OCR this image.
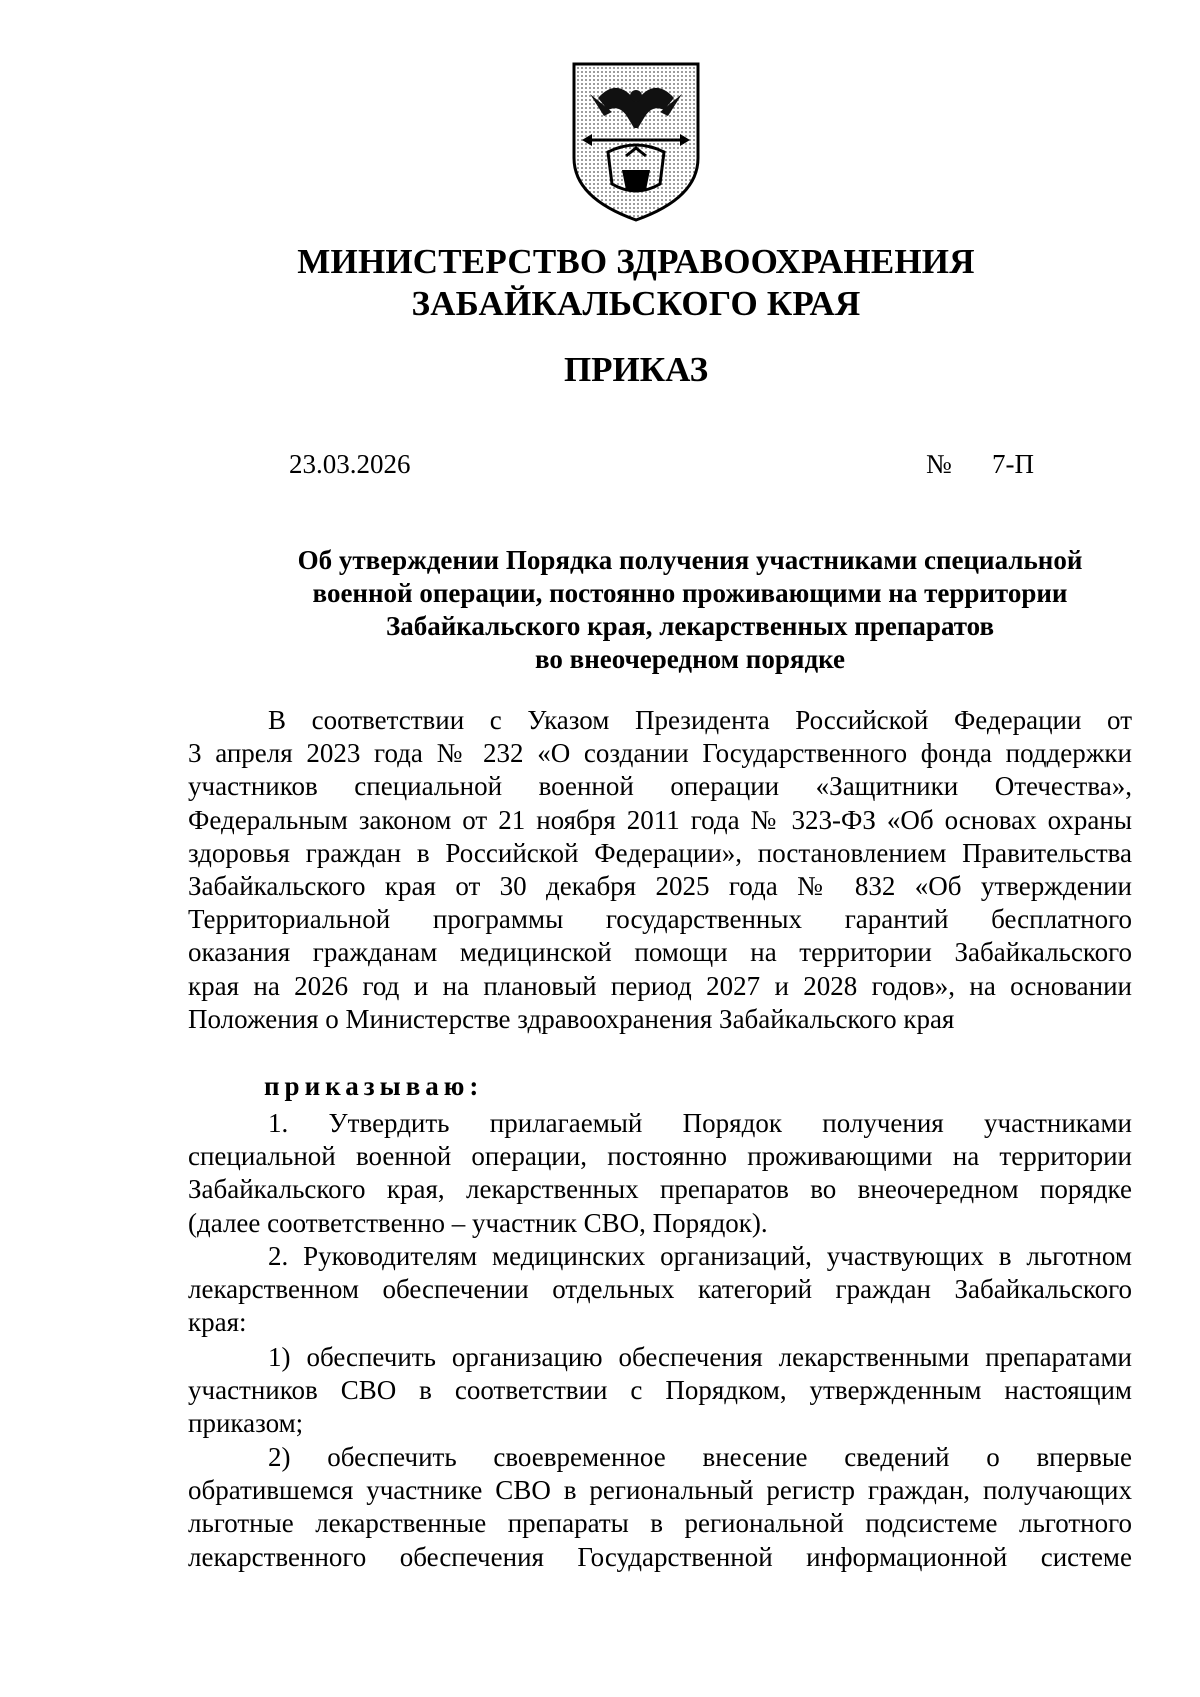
МИНИСТЕРСТВО ЗДРАВООХРАНЕНИЯ
ЗАБАЙКАЛЬСКОГО КРАЯ
ПРИКАЗ
23.03.2026	№ 7-П
Об утверждении Порядка получения участниками специальной
военной операции, постоянно проживающими на территории
Забайкальского края, лекарственных препаратов
во внеочередном порядке
В соответствии с Указом Президента Российской Федерации от
3 апреля 2023 года № 232 «О создании Государственного фонда поддержки
участников специальной военной операции «Защитники Отечества»,
Федеральным законом от 21 ноября 2011 года № 323-ФЗ «Об основах охраны
здоровья граждан в Российской Федерации», постановлением Правительства
Забайкальского края от 30 декабря 2025 года № 832 «Об утверждении
Территориальной программы государственных гарантий бесплатного
оказания гражданам медицинской помощи на территории Забайкальского
края на 2026 год и на плановый период 2027 и 2028 годов», на основании
Положения о Министерстве здравоохранения Забайкальского края
приказываю:
1. Утвердить прилагаемый Порядок получения участниками
специальной военной операции, постоянно проживающими на территории
Забайкальского края, лекарственных препаратов во внеочередном порядке
(далее соответственно – участник СВО, Порядок).
2. Руководителям медицинских организаций, участвующих в льготном
лекарственном обеспечении отдельных категорий граждан Забайкальского
края:
1) обеспечить организацию обеспечения лекарственными препаратами
участников СВО в соответствии с Порядком, утвержденным настоящим
приказом;
2) обеспечить своевременное внесение сведений о впервые
обратившемся участнике СВО в региональный регистр граждан, получающих
льготные лекарственные препараты в региональной подсистеме льготного
лекарственного обеспечения Государственной информационной системе
